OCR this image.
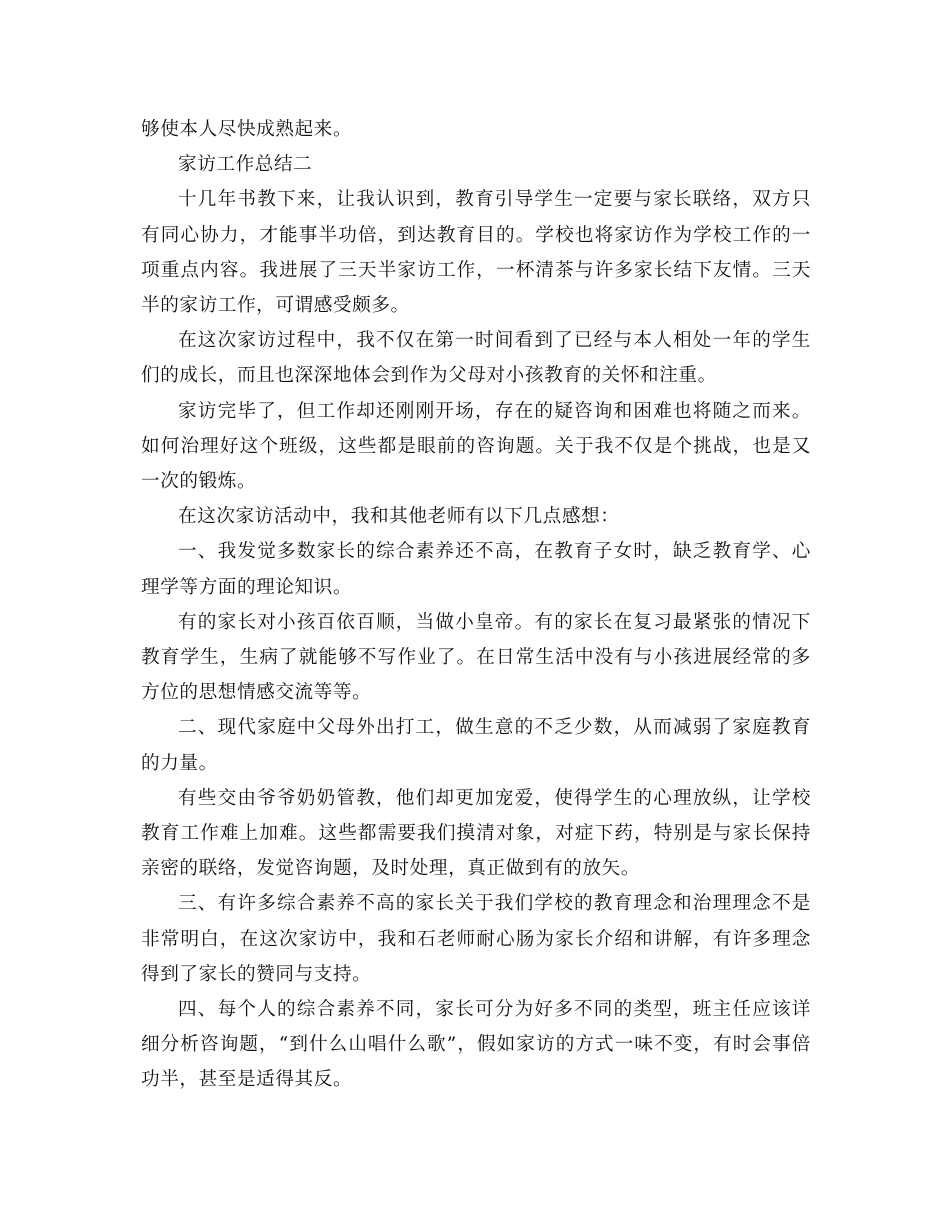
够使本人尽快成熟起来。

家访工作总结二

十几年书教下来，让我认识到，教育引导学生一定要与家长联络，双方只有同心协力，才能事半功倍，到达教育目的。学校也将家访作为学校工作的一项重点内容。我进展了三天半家访工作，一杯清茶与许多家长结下友情。三天半的家访工作，可谓感受颇多。

在这次家访过程中，我不仅在第一时间看到了已经与本人相处一年的学生们的成长，而且也深深地体会到作为父母对小孩教育的关怀和注重。

家访完毕了，但工作却还刚刚开场，存在的疑咨询和困难也将随之而来。如何治理好这个班级，这些都是眼前的咨询题。关于我不仅是个挑战，也是又一次的锻炼。

在这次家访活动中，我和其他老师有以下几点感想：

一、我发觉多数家长的综合素养还不高，在教育子女时，缺乏教育学、心理学等方面的理论知识。

有的家长对小孩百依百顺，当做小皇帝。有的家长在复习最紧张的情况下教育学生，生病了就能够不写作业了。在日常生活中没有与小孩进展经常的多方位的思想情感交流等等。

二、现代家庭中父母外出打工，做生意的不乏少数，从而减弱了家庭教育的力量。

有些交由爷爷奶奶管教，他们却更加宠爱，使得学生的心理放纵，让学校教育工作难上加难。这些都需要我们摸清对象，对症下药，特别是与家长保持亲密的联络，发觉咨询题，及时处理，真正做到有的放矢。

三、有许多综合素养不高的家长关于我们学校的教育理念和治理理念不是非常明白，在这次家访中，我和石老师耐心肠为家长介绍和讲解，有许多理念得到了家长的赞同与支持。

四、每个人的综合素养不同，家长可分为好多不同的类型，班主任应该详细分析咨询题，“到什么山唱什么歌”，假如家访的方式一味不变，有时会事倍功半，甚至是适得其反。
